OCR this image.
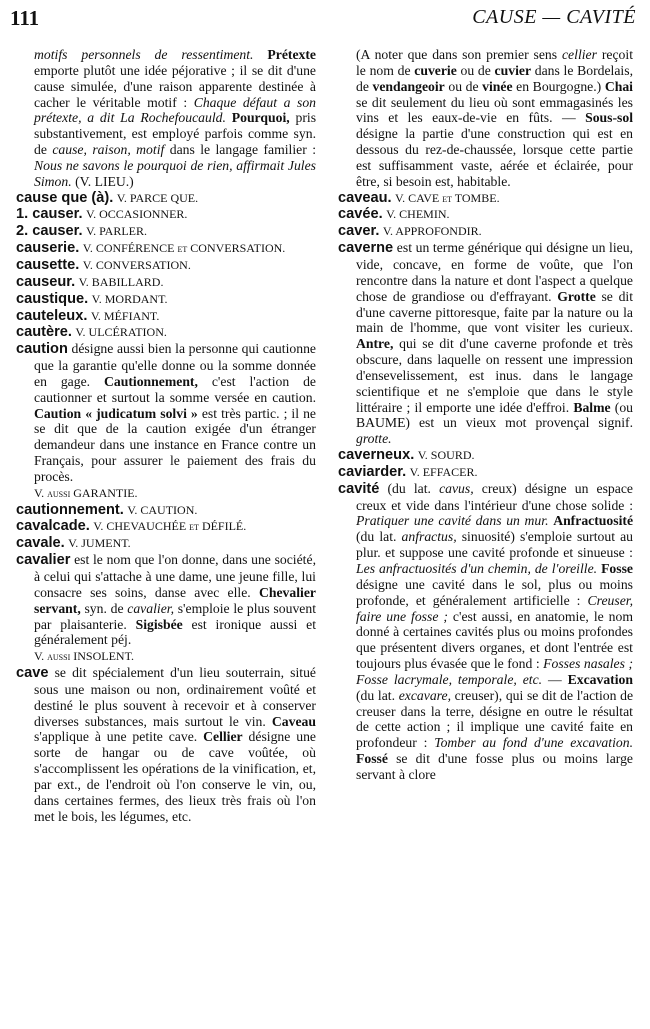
111	CAUSE — CAVITÉ
motifs personnels de ressentiment. Prétexte emporte plutôt une idée péjorative ; il se dit d'une cause simulée, d'une raison apparente destinée à cacher le véritable motif : Chaque défaut a son prétexte, a dit La Rochefoucauld. Pourquoi, pris substantivement, est employé parfois comme syn. de cause, raison, motif dans le langage familier : Nous ne savons le pourquoi de rien, affirmait Jules Simon. (V. LIEU.)
cause que (à). V. PARCE QUE.
1. causer. V. OCCASIONNER.
2. causer. V. PARLER.
causerie. V. CONFÉRENCE et CONVERSATION.
causette. V. CONVERSATION.
causeur. V. BABILLARD.
caustique. V. MORDANT.
cauteleux. V. MÉFIANT.
cautère. V. ULCÉRATION.
caution désigne aussi bien la personne qui cautionne que la garantie qu'elle donne ou la somme donnée en gage. Cautionnement, c'est l'action de cautionner et surtout la somme versée en caution. Caution « judicatum solvi » est très partic. ; il ne se dit que de la caution exigée d'un étranger demandeur dans une instance en France contre un Français, pour assurer le paiement des frais du procès.
V. aussi GARANTIE.
cautionnement. V. CAUTION.
cavalcade. V. CHEVAUCHÉE et DÉFILÉ.
cavale. V. JUMENT.
cavalier est le nom que l'on donne, dans une société, à celui qui s'attache à une dame, une jeune fille, lui consacre ses soins, danse avec elle. Chevalier servant, syn. de cavalier, s'emploie le plus souvent par plaisanterie. Sigisbée est ironique aussi et généralement péj.
V. aussi INSOLENT.
cave se dit spécialement d'un lieu souterrain, situé sous une maison ou non, ordinairement voûté et destiné le plus souvent à recevoir et à conserver diverses substances, mais surtout le vin. Caveau s'applique à une petite cave. Cellier désigne une sorte de hangar ou de cave voûtée, où s'accomplissent les opérations de la vinification, et, par ext., de l'endroit où l'on conserve le vin, ou, dans certaines fermes, des lieux très frais où l'on met le bois, les légumes, etc.
(A noter que dans son premier sens cellier reçoit le nom de cuverie ou de cuvier dans le Bordelais, de vendangeoir ou de vinée en Bourgogne.) Chai se dit seulement du lieu où sont emmagasinés les vins et les eaux-de-vie en fûts. — Sous-sol désigne la partie d'une construction qui est en dessous du rez-de-chaussée, lorsque cette partie est suffisamment vaste, aérée et éclairée, pour être, si besoin est, habitable.
caveau. V. CAVE et TOMBE.
cavée. V. CHEMIN.
caver. V. APPROFONDIR.
caverne est un terme générique qui désigne un lieu, vide, concave, en forme de voûte, que l'on rencontre dans la nature et dont l'aspect a quelque chose de grandiose ou d'effrayant. Grotte se dit d'une caverne pittoresque, faite par la nature ou la main de l'homme, que vont visiter les curieux. Antre, qui se dit d'une caverne profonde et très obscure, dans laquelle on ressent une impression d'ensevelissement, est inus. dans le langage scientifique et ne s'emploie que dans le style littéraire ; il emporte une idée d'effroi. Balme (ou BAUME) est un vieux mot provençal signif. grotte.
caverneux. V. SOURD.
caviarder. V. EFFACER.
cavité (du lat. cavus, creux) désigne un espace creux et vide dans l'intérieur d'une chose solide : Pratiquer une cavité dans un mur. Anfractuosité (du lat. anfractus, sinuosité) s'emploie surtout au plur. et suppose une cavité profonde et sinueuse : Les anfractuosités d'un chemin, de l'oreille. Fosse désigne une cavité dans le sol, plus ou moins profonde, et généralement artificielle : Creuser, faire une fosse ; c'est aussi, en anatomie, le nom donné à certaines cavités plus ou moins profondes que présentent divers organes, et dont l'entrée est toujours plus évasée que le fond : Fosses nasales ; Fosse lacrymale, temporale, etc. — Excavation (du lat. excavare, creuser), qui se dit de l'action de creuser dans la terre, désigne en outre le résultat de cette action ; il implique une cavité faite en profondeur : Tomber au fond d'une excavation. Fossé se dit d'une fosse plus ou moins large servant à clore
